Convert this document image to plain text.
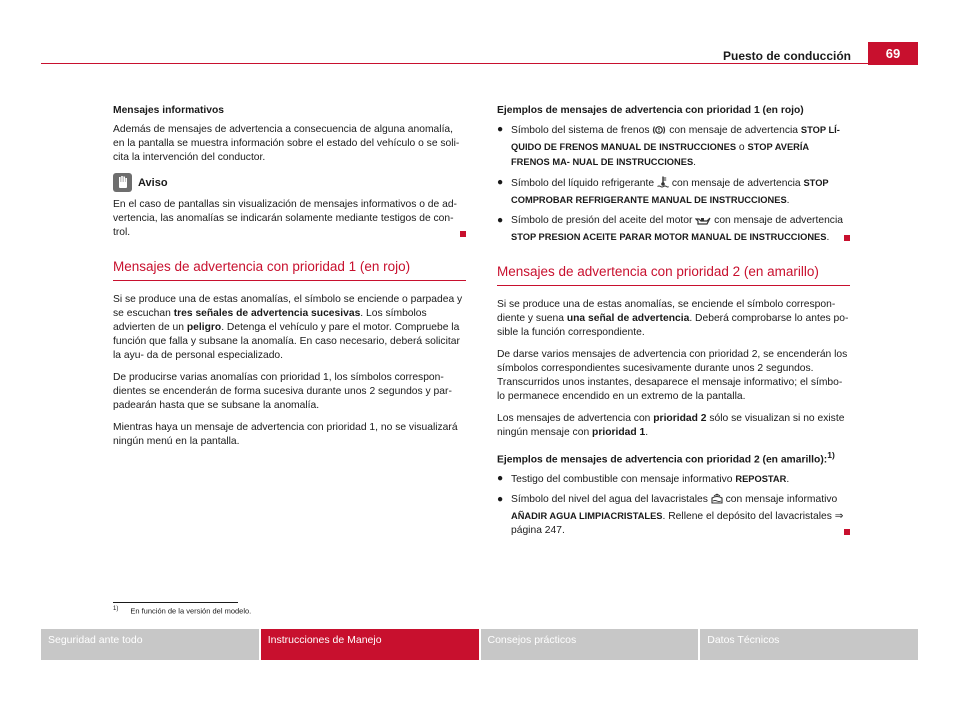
Puesto de conducción	69

Mensajes informativos

Además de mensajes de advertencia a consecuencia de alguna anomalía, en la pantalla se muestra información sobre el estado del vehículo o se soli- cita la intervención del conductor.

Aviso

En el caso de pantallas sin visualización de mensajes informativos o de ad- vertencia, las anomalías se indicarán solamente mediante testigos de con- trol.

Mensajes de advertencia con prioridad 1 (en rojo)

Si se produce una de estas anomalías, el símbolo se enciende o parpadea y se escuchan tres señales de advertencia sucesivas. Los símbolos advierten de un peligro. Detenga el vehículo y pare el motor. Compruebe la función que falla y subsane la anomalía. En caso necesario, deberá solicitar la ayu- da de personal especializado.

De producirse varias anomalías con prioridad 1, los símbolos correspon- dientes se encenderán de forma sucesiva durante unos 2 segundos y par- padearán hasta que se subsane la anomalía.

Mientras haya un mensaje de advertencia con prioridad 1, no se visualizará ningún menú en la pantalla.

Ejemplos de mensajes de advertencia con prioridad 1 (en rojo)

● Símbolo del sistema de frenos  con mensaje de advertencia STOP LÍ- QUIDO DE FRENOS MANUAL DE INSTRUCCIONES o STOP AVERÍA FRENOS MA- NUAL DE INSTRUCCIONES.
● Símbolo del líquido refrigerante  con mensaje de advertencia STOP COMPROBAR REFRIGERANTE MANUAL DE INSTRUCCIONES.
● Símbolo de presión del aceite del motor  con mensaje de advertencia STOP PRESION ACEITE PARAR MOTOR MANUAL DE INSTRUCCIONES.
Mensajes de advertencia con prioridad 2 (en amarillo)

Si se produce una de estas anomalías, se enciende el símbolo correspon- diente y suena una señal de advertencia. Deberá comprobarse lo antes po- sible la función correspondiente.

De darse varios mensajes de advertencia con prioridad 2, se encenderán los símbolos correspondientes sucesivamente durante unos 2 segundos. Transcurridos unos instantes, desaparece el mensaje informativo; el símbo- lo permanece encendido en un extremo de la pantalla.

Los mensajes de advertencia con prioridad 2 sólo se visualizan si no existe ningún mensaje con prioridad 1.

Ejemplos de mensajes de advertencia con prioridad 2 (en amarillo):$^{1)}$

● Testigo del combustible con mensaje informativo REPOSTAR.
● Símbolo del nivel del agua del lavacristales  con mensaje informativo AÑADIR AGUA LIMPIACRISTALES. Rellene el depósito del lavacristales ⇒ página 247.
$^{1)}$ En función de la versión del modelo.
Seguridad ante todo	Instrucciones de Manejo	Consejos prácticos	Datos Técnicos
